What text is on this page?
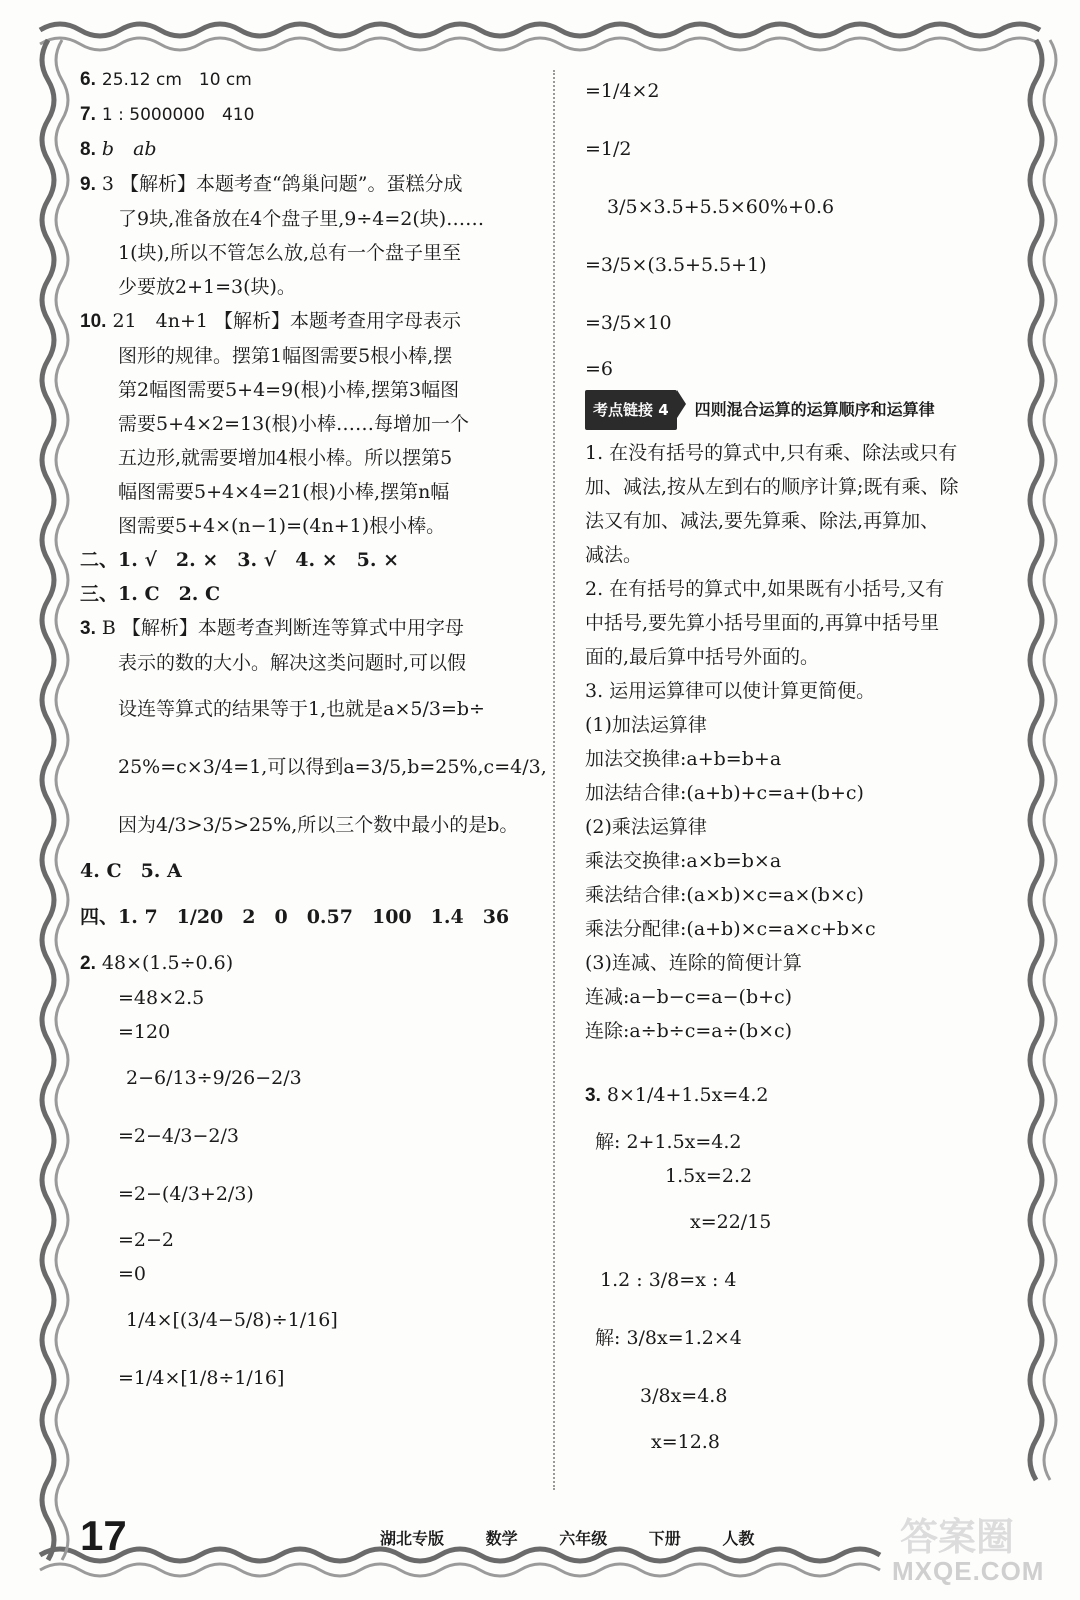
6. 25.12 cm　10 cm
7. 1 : 5000000　410
8. b　ab
9. 3 【解析】本题考查“鸽巢问题”。蛋糕分成
了9块,准备放在4个盘子里,9÷4=2(块)……
1(块),所以不管怎么放,总有一个盘子里至
少要放2+1=3(块)。
10. 21　4n+1 【解析】本题考查用字母表示
图形的规律。摆第1幅图需要5根小棒,摆
第2幅图需要5+4=9(根)小棒,摆第3幅图
需要5+4×2=13(根)小棒……每增加一个
五边形,就需要增加4根小棒。所以摆第5
幅图需要5+4×4=21(根)小棒,摆第n幅
图需要5+4×(n−1)=(4n+1)根小棒。
二、1. √　2. ×　3. √　4. ×　5. ×
三、1. C　2. C
3. B 【解析】本题考查判断连等算式中用字母
表示的数的大小。解决这类问题时,可以假
设连等算式的结果等于1,也就是a×5/3=b÷
25%=c×3/4=1,可以得到a=3/5,b=25%,c=4/3,
因为4/3>3/5>25%,所以三个数中最小的是b。
4. C　5. A
四、1. 7　1/20　2　0　0.57　100　1.4　36
2. 48×(1.5÷0.6)
=48×2.5
=120
2−6/13÷9/26−2/3
=2−4/3−2/3
=2−(4/3+2/3)
=2−2
=0
1/4×[(3/4−5/8)÷1/16]
=1/4×[1/8÷1/16]
=1/4×2
=1/2
3/5×3.5+5.5×60%+0.6
=3/5×(3.5+5.5+1)
=3/5×10
=6
考点链接 4	四则混合运算的运算顺序和运算律
1. 在没有括号的算式中,只有乘、除法或只有
加、减法,按从左到右的顺序计算;既有乘、除
法又有加、减法,要先算乘、除法,再算加、
减法。
2. 在有括号的算式中,如果既有小括号,又有
中括号,要先算小括号里面的,再算中括号里
面的,最后算中括号外面的。
3. 运用运算律可以使计算更简便。
(1)加法运算律
加法交换律:a+b=b+a
加法结合律:(a+b)+c=a+(b+c)
(2)乘法运算律
乘法交换律:a×b=b×a
乘法结合律:(a×b)×c=a×(b×c)
乘法分配律:(a+b)×c=a×c+b×c
(3)连减、连除的简便计算
连减:a−b−c=a−(b+c)
连除:a÷b÷c=a÷(b×c)
3. 8×1/4+1.5x=4.2
解: 2+1.5x=4.2
1.5x=2.2
x=22/15
1.2 : 3/8=x : 4
解: 3/8x=1.2×4
3/8x=4.8
x=12.8
17	湖北专版	数学	六年级	下册	人教	答案圈
MXQE.COM
